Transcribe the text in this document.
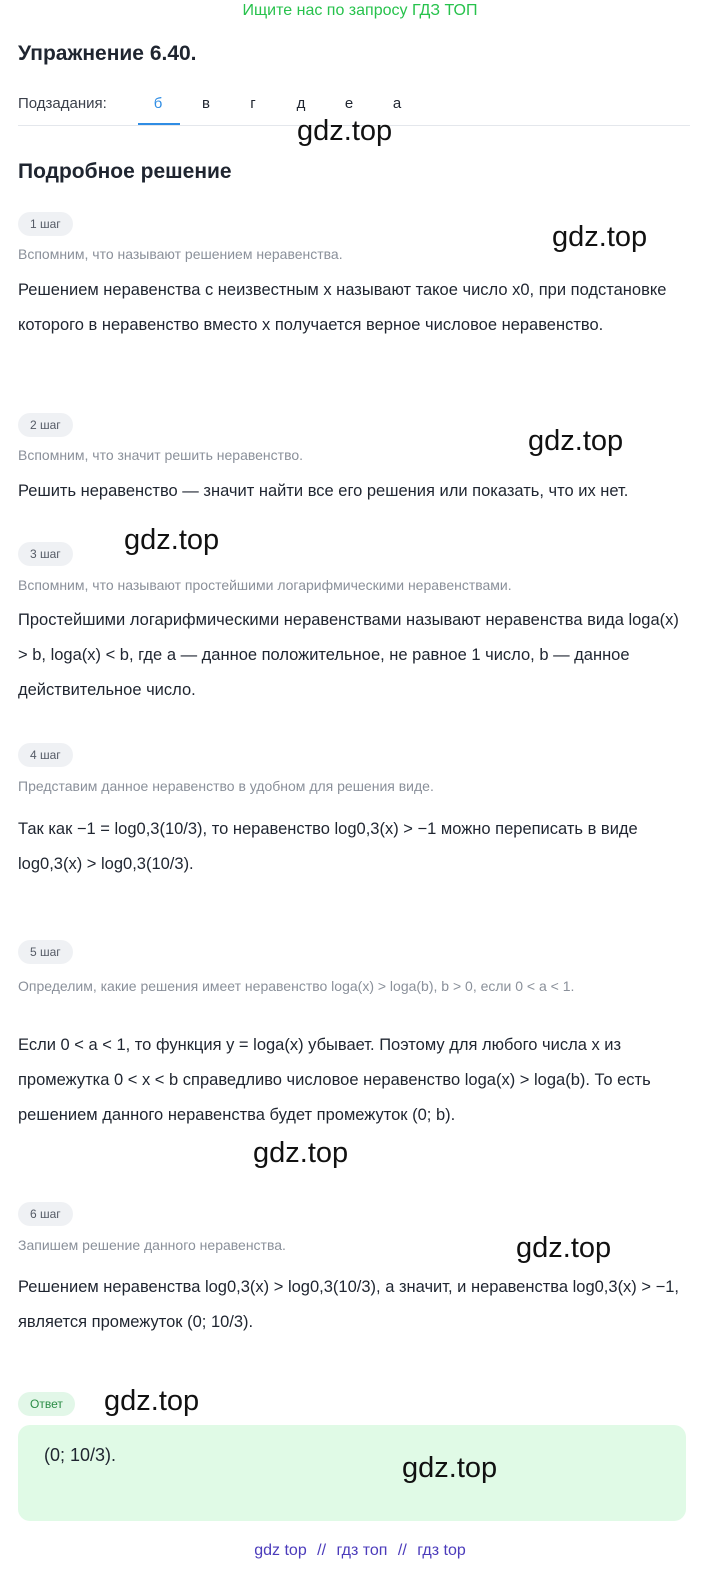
Ищите нас по запросу ГДЗ ТОП
Упражнение 6.40.
Подзадания:	б	в	г	д	е	а
Подробное решение
1 шаг
Вспомним, что называют решением неравенства.
Решением неравенства с неизвестным x называют такое число x0, при подстановке которого в неравенство вместо x получается верное числовое неравенство.
2 шаг
Вспомним, что значит решить неравенство.
Решить неравенство — значит найти все его решения или показать, что их нет.
3 шаг
Вспомним, что называют простейшими логарифмическими неравенствами.
Простейшими логарифмическими неравенствами называют неравенства вида loga(x) > b, loga(x) < b, где a — данное положительное, не равное 1 число, b — данное действительное число.
4 шаг
Представим данное неравенство в удобном для решения виде.
Так как −1 = log0,3(10/3), то неравенство log0,3(x) > −1 можно переписать в виде log0,3(x) > log0,3(10/3).
5 шаг
Определим, какие решения имеет неравенство loga(x) > loga(b), b > 0, если 0 < a < 1.
Если 0 < a < 1, то функция y = loga(x) убывает. Поэтому для любого числа x из промежутка 0 < x < b справедливо числовое неравенство loga(x) > loga(b). То есть решением данного неравенства будет промежуток (0; b).
6 шаг
Запишем решение данного неравенства.
Решением неравенства log0,3(x) > log0,3(10/3), а значит, и неравенства log0,3(x) > −1, является промежуток (0; 10/3).
Ответ
(0; 10/3).
gdz.top
gdz.top
gdz.top
gdz.top
gdz.top
gdz.top
gdz.top
gdz.top
gdz top // гдз топ // гдз top
